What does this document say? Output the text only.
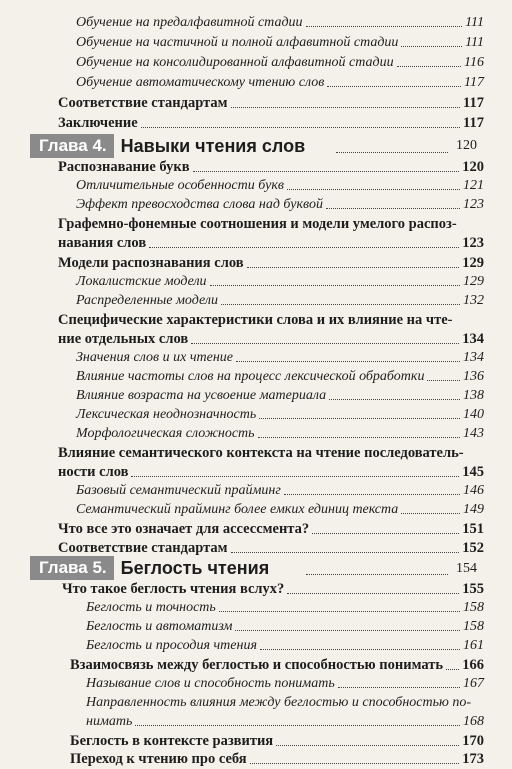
Обучение на предалфавитной стадии	111
Обучение на частичной и полной алфавитной стадии	111
Обучение на консолидированной алфавитной стадии	116
Обучение автоматическому чтению слов	117
Соответствие стандартам	117
Заключение	117
Глава 4. Навыки чтения слов	120
Распознавание букв	120
Отличительные особенности букв	121
Эффект превосходства слова над буквой	123
Графемно-фонемные соотношения и модели умелого распоз-
навания слов	123
Модели распознавания слов	129
Локалистские модели	129
Распределенные модели	132
Специфические характеристики слова и их влияние на чте-
ние отдельных слов	134
Значения слов и их чтение	134
Влияние частоты слов на процесс лексической обработки	136
Влияние возраста на усвоение материала	138
Лексическая неоднозначность	140
Морфологическая сложность	143
Влияние семантического контекста на чтение последователь-
ности слов	145
Базовый семантический прайминг	146
Семантический прайминг более емких единиц текста	149
Что все это означает для ассессмента?	151
Соответствие стандартам	152
Глава 5. Беглость чтения	154
Что такое беглость чтения вслух?	155
Беглость и точность	158
Беглость и автоматизм	158
Беглость и просодия чтения	161
Взаимосвязь между беглостью и способностью понимать 166
Называние слов и способность понимать	167
Направленность влияния между беглостью и способностью по-
нимать	168
Беглость в контексте развития	170
Переход к чтению про себя	173
